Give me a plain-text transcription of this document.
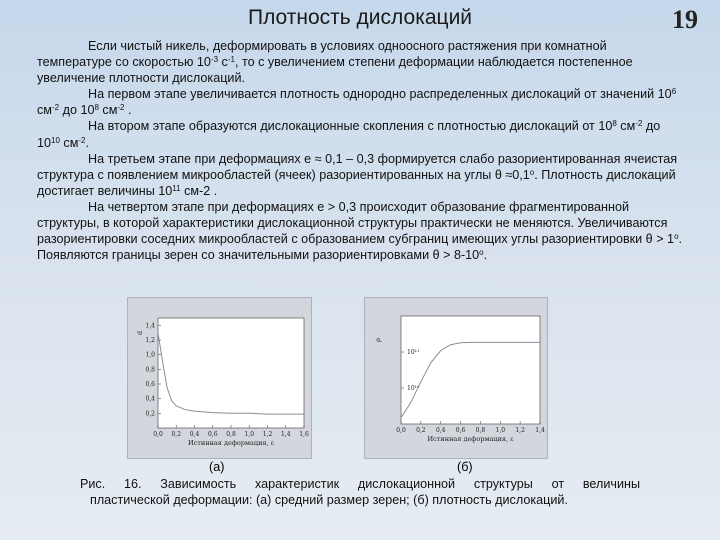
Плотность дислокаций	19

Если чистый никель, деформировать в условиях одноосного растяжения при комнатной температуре со скоростью $10^{-3}$ $с^{-1}$, то с увеличением степени деформации наблюдается постепенное увеличение плотности дислокаций.

На первом этапе увеличивается плотность однородно распределенных дислокаций от значений $10^6$ $см^{-2}$ до $10^8$ $см^{-2}$ .

На втором этапе образуются дислокационные скопления с плотностью дислокаций от $10^8$ $см^{-2}$ до $10^{10}$ $см^{-2}$.

На третьем этапе при деформациях e ≈ 0,1 – 0,3 формируется слабо разориентированная ячеистая структура с появлением микрообластей (ячеек) разориентированных на углы $\theta \approx 0,1^o$. Плотность дислокаций достигает величины $10^{11}$ см-2 .

На четвертом этапе при деформациях e > 0,3 происходит образование фрагментированной структуры, в которой характеристики дислокационной структуры практически не меняются. Увеличиваются разориентировки соседних микрообластей с образованием субграниц имеющих углы разориентировки $\theta > 1^o$. Появляются границы зерен со значительными разориентировками $\theta > 8-10^o$.

0,2
0,4
0,6
0,8
1,0
1,2
1,4
0,0 0,2 0,4 0,6 0,8 1,0 1,2 1,4 1,6
Истинная деформация, ε
d
10¹¹
10¹⁰
0,0 0,2 0,4 0,6 0,8 1,0 1,2 1,4
Истинная деформация, ε
ρ
(а)	(б)

Рис. 16. Зависимость характеристик дислокационной структуры от величины

пластической деформации: (а) средний размер зерен; (б) плотность дислокаций.
